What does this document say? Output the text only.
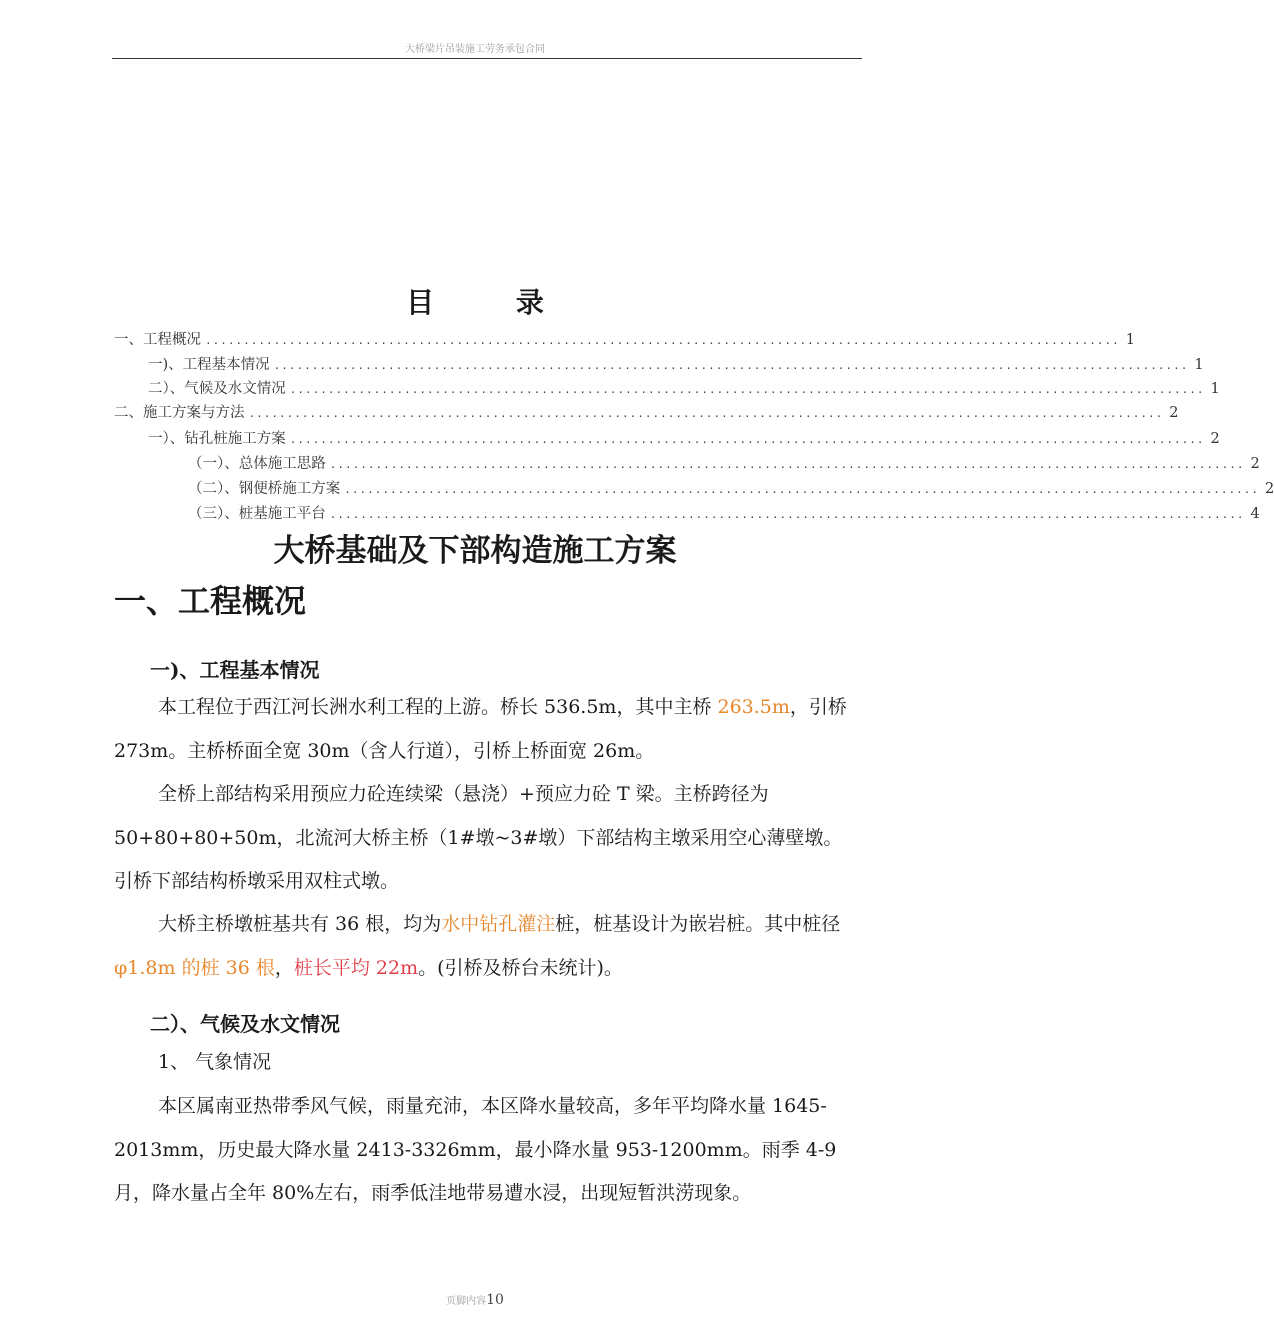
大桥梁片吊装施工劳务承包合同
目 录
一、工程概况 ........................................................................................................................ 1
一)、工程基本情况 ........................................................................................................................ 1
二）、气候及水文情况 ........................................................................................................................ 1
二、施工方案与方法 ........................................................................................................................ 2
一）、钻孔桩施工方案 ........................................................................................................................ 2
（一）、总体施工思路 ........................................................................................................................ 2
（二）、钢便桥施工方案 ........................................................................................................................ 2
（三）、桩基施工平台 ........................................................................................................................ 4
大桥基础及下部构造施工方案
一、工程概况
一)、工程基本情况

本工程位于西江河长洲水利工程的上游。桥长 536.5m，其中主桥 263.5m，引桥 273m。主桥桥面全宽 30m（含人行道），引桥上桥面宽 26m。

全桥上部结构采用预应力砼连续梁（悬浇）+预应力砼 T 梁。主桥跨径为 50+80+80+50m，北流河大桥主桥（1#墩~3#墩）下部结构主墩采用空心薄壁墩。引桥下部结构桥墩采用双柱式墩。

大桥主桥墩桩基共有 36 根，均为水中钻孔灌注桩，桩基设计为嵌岩桩。其中桩径φ1.8m 的桩 36 根，桩长平均 22m。(引桥及桥台未统计)。

二）、气候及水文情况
1、 气象情况

本区属南亚热带季风气候，雨量充沛，本区降水量较高，多年平均降水量 1645-2013mm，历史最大降水量 2413-3326mm，最小降水量 953-1200mm。雨季 4-9 月，降水量占全年 80%左右，雨季低洼地带易遭水浸，出现短暂洪涝现象。

页脚内容10
